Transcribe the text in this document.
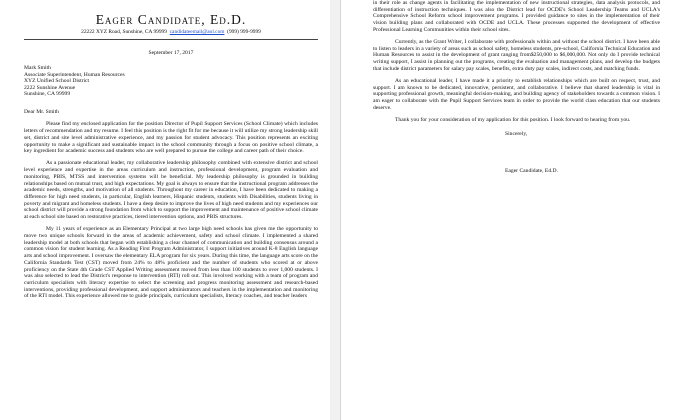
Eager Candidate, Ed.D.
22222 XYZ Road, Sunshine, CA 99999 candidateemail@aol.com (999) 999-9999
September 17, 2017
Mark Smith
Associate Superintendent, Human Resources
XYZ Unified School District
2222 Sunshine Avenue
Sunshine, CA 99999
Dear Mr. Smith

Please find my enclosed application for the position Director of Pupil Support Services (School Climate) which includes letters of recommendation and my resume. I feel this position is the right fit for me because it will utilize my strong leadership skill set, district and site level administrative experience, and my passion for student advocacy. This position represents an exciting opportunity to make a significant and sustainable impact in the school community through a focus on positive school climate, a key ingredient for academic success and students who are well prepared to pursue the college and career path of their choice.

As a passionate educational leader, my collaborative leadership philosophy combined with extensive district and school level experience and expertise in the areas curriculum and instruction, professional development, program evaluation and monitoring, PBIS, MTSS and intervention systems will be beneficial. My leadership philosophy is grounded in building relationships based on mutual trust, and high expectations. My goal is always to ensure that the instructional program addresses the academic needs, strengths, and motivation of all students. Throughout my career in education, I have been dedicated to making a difference for high need students, in particular, English learners, Hispanic students, students with Disabilities, students living in poverty and migrant and homeless students. I have a deep desire to improve the lives of high need students and my experiences our school district will provide a strong foundation from which to support the improvement and maintenance of positive school climate at each school site based on restorative practices, tiered intervention options, and PBIS structures.

My 11 years of experience as an Elementary Principal at two large high need schools has given me the opportunity to move two unique schools forward in the areas of academic achievement, safety and school climate. I implemented a shared leadership model at both schools that began with establishing a clear channel of communication and building consensus around a common vision for student learning. As a Reading First Program Administrator, I support initiatives around K-8 English language arts and school improvement. I oversaw the elementary ELA program for six years. During this time, the language arts score on the California Standards Test (CST) moved from 24% to 48% proficient and the number of students who scored at or above proficiency on the State 4th Grade CST Applied Writing assessment moved from less than 100 students to over 1,000 students. I was also selected to lead the District's response to intervention (RTI) roll out. This involved working with a team of program and curriculum specialists with literacy expertise to select the screening and progress monitoring assessment and research-based interventions, providing professional development, and support administrators and teachers in the implementation and monitoring of the RTI model. This experience allowed me to guide principals, curriculum specialists, literacy coaches, and teacher leaders

in their role as change agents in facilitating the implementation of new instructional strategies, data analysis protocols, and differentiation of instruction techniques. I was also the District lead for OCDE's School Leadership Teams and UCLA's Comprehensive School Reform school improvement programs. I provided guidance to sites in the implementation of their vision building plans and collaborated with OCDE and UCLA. These processes supported the development of effective Professional Learning Communities within their school sites.

Currently, as the Grant Writer, I collaborate with professionals within and without the school district. I have been able to listen to leaders in a variety of areas such as school safety, homeless students, pre-school, California Technical Education and Human Resources to assist in the development of grant ranging from$250,000 to $6,000,000. Not only do I provide technical writing support, I assist in planning out the programs, creating the evaluation and management plans, and develop the budgets that include district parameters for salary pay scales, benefits, extra duty pay scales, indirect costs, and matching funds.

As an educational leader, I have made it a priority to establish relationships which are built on respect, trust, and support. I am known to be dedicated, innovative, persistent, and collaborative. I believe that shared leadership is vital in supporting professional growth, meaningful decision-making, and building agency of stakeholders towards a common vision. I am eager to collaborate with the Pupil Support Services team in order to provide the world class education that our students deserve.

Thank you for your consideration of my application for this position. I look forward to hearing from you.

Sincerely,
Eager Candidate, Ed.D.
